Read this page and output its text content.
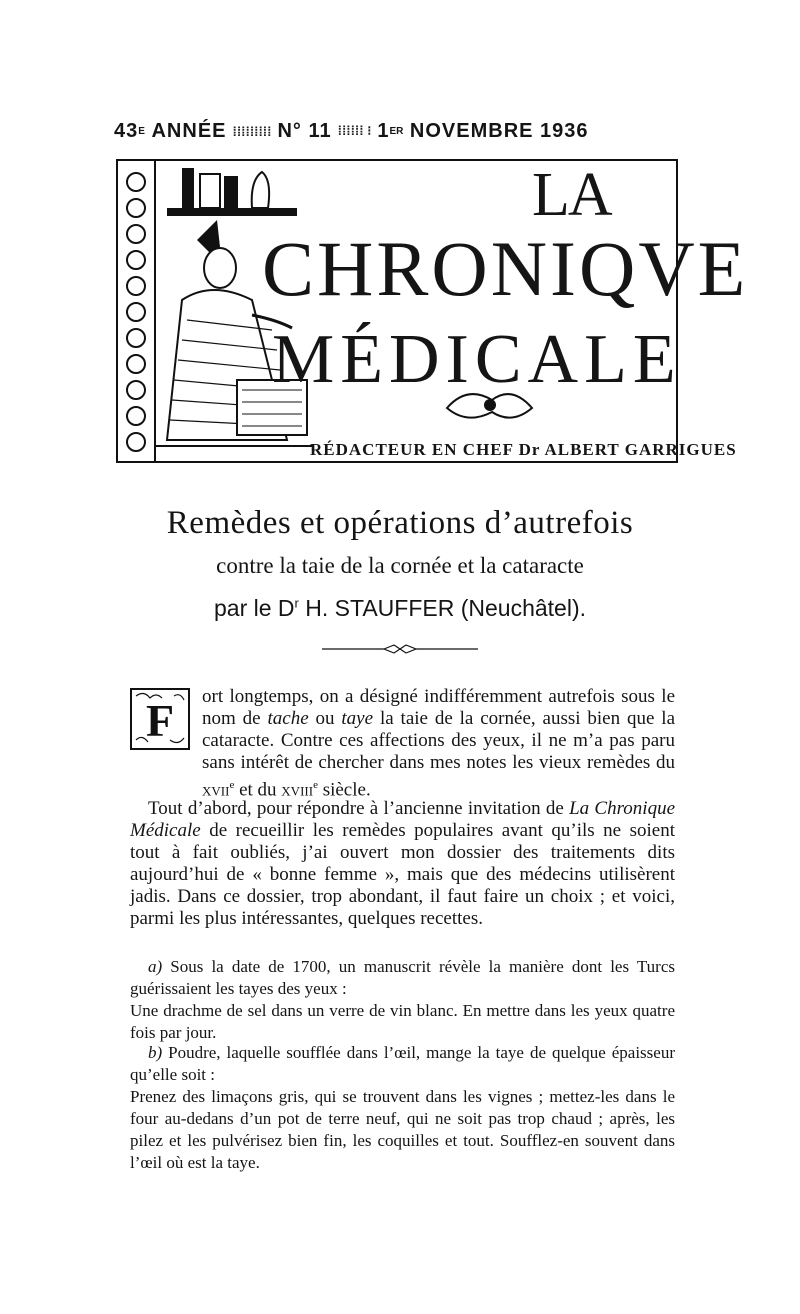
43 E
ANNÉE ⁞⁞⁞⁞⁞⁞⁞⁞⁞ N° 11 ⁞⁞⁞⁞⁞⁞ ⁝ 1 ER
NOVEMBRE 1936
LA
CHRONIQVE
MÉDICALE
RÉDACTEUR EN CHEF Dr ALBERT GARRIGUES
Remèdes et opérations d’autrefois
contre la taie de la cornée et la cataracte
par le $D^r$ H. STAUFFER (Neuchâtel).
F	ort longtemps, on a désigné indifféremment autrefois sous le nom de tache ou taye la taie de la cornée, aussi bien que la cataracte. Contre ces affections des yeux, il ne m’a pas paru sans intérêt de chercher dans mes notes les vieux remèdes du xvii$^e$ et du xviii$^e$ siècle.
Tout d’abord, pour répondre à l’ancienne invitation de La Chronique Médicale de recueillir les remèdes populaires avant qu’ils ne soient tout à fait oubliés, j’ai ouvert mon dossier des traitements dits aujourd’hui de « bonne femme », mais que des médecins utilisèrent jadis. Dans ce dossier, trop abondant, il faut faire un choix ; et voici, parmi les plus intéressantes, quelques recettes.
a) Sous la date de 1700, un manuscrit révèle la manière dont les Turcs guérissaient les tayes des yeux :
Une drachme de sel dans un verre de vin blanc. En mettre dans les yeux quatre fois par jour.
b) Poudre, laquelle soufflée dans l’œil, mange la taye de quelque épaisseur qu’elle soit :
Prenez des limaçons gris, qui se trouvent dans les vignes ; mettez-les dans le four au-dedans d’un pot de terre neuf, qui ne soit pas trop chaud ; après, les pilez et les pulvérisez bien fin, les coquilles et tout. Soufflez-en souvent dans l’œil où est la taye.
